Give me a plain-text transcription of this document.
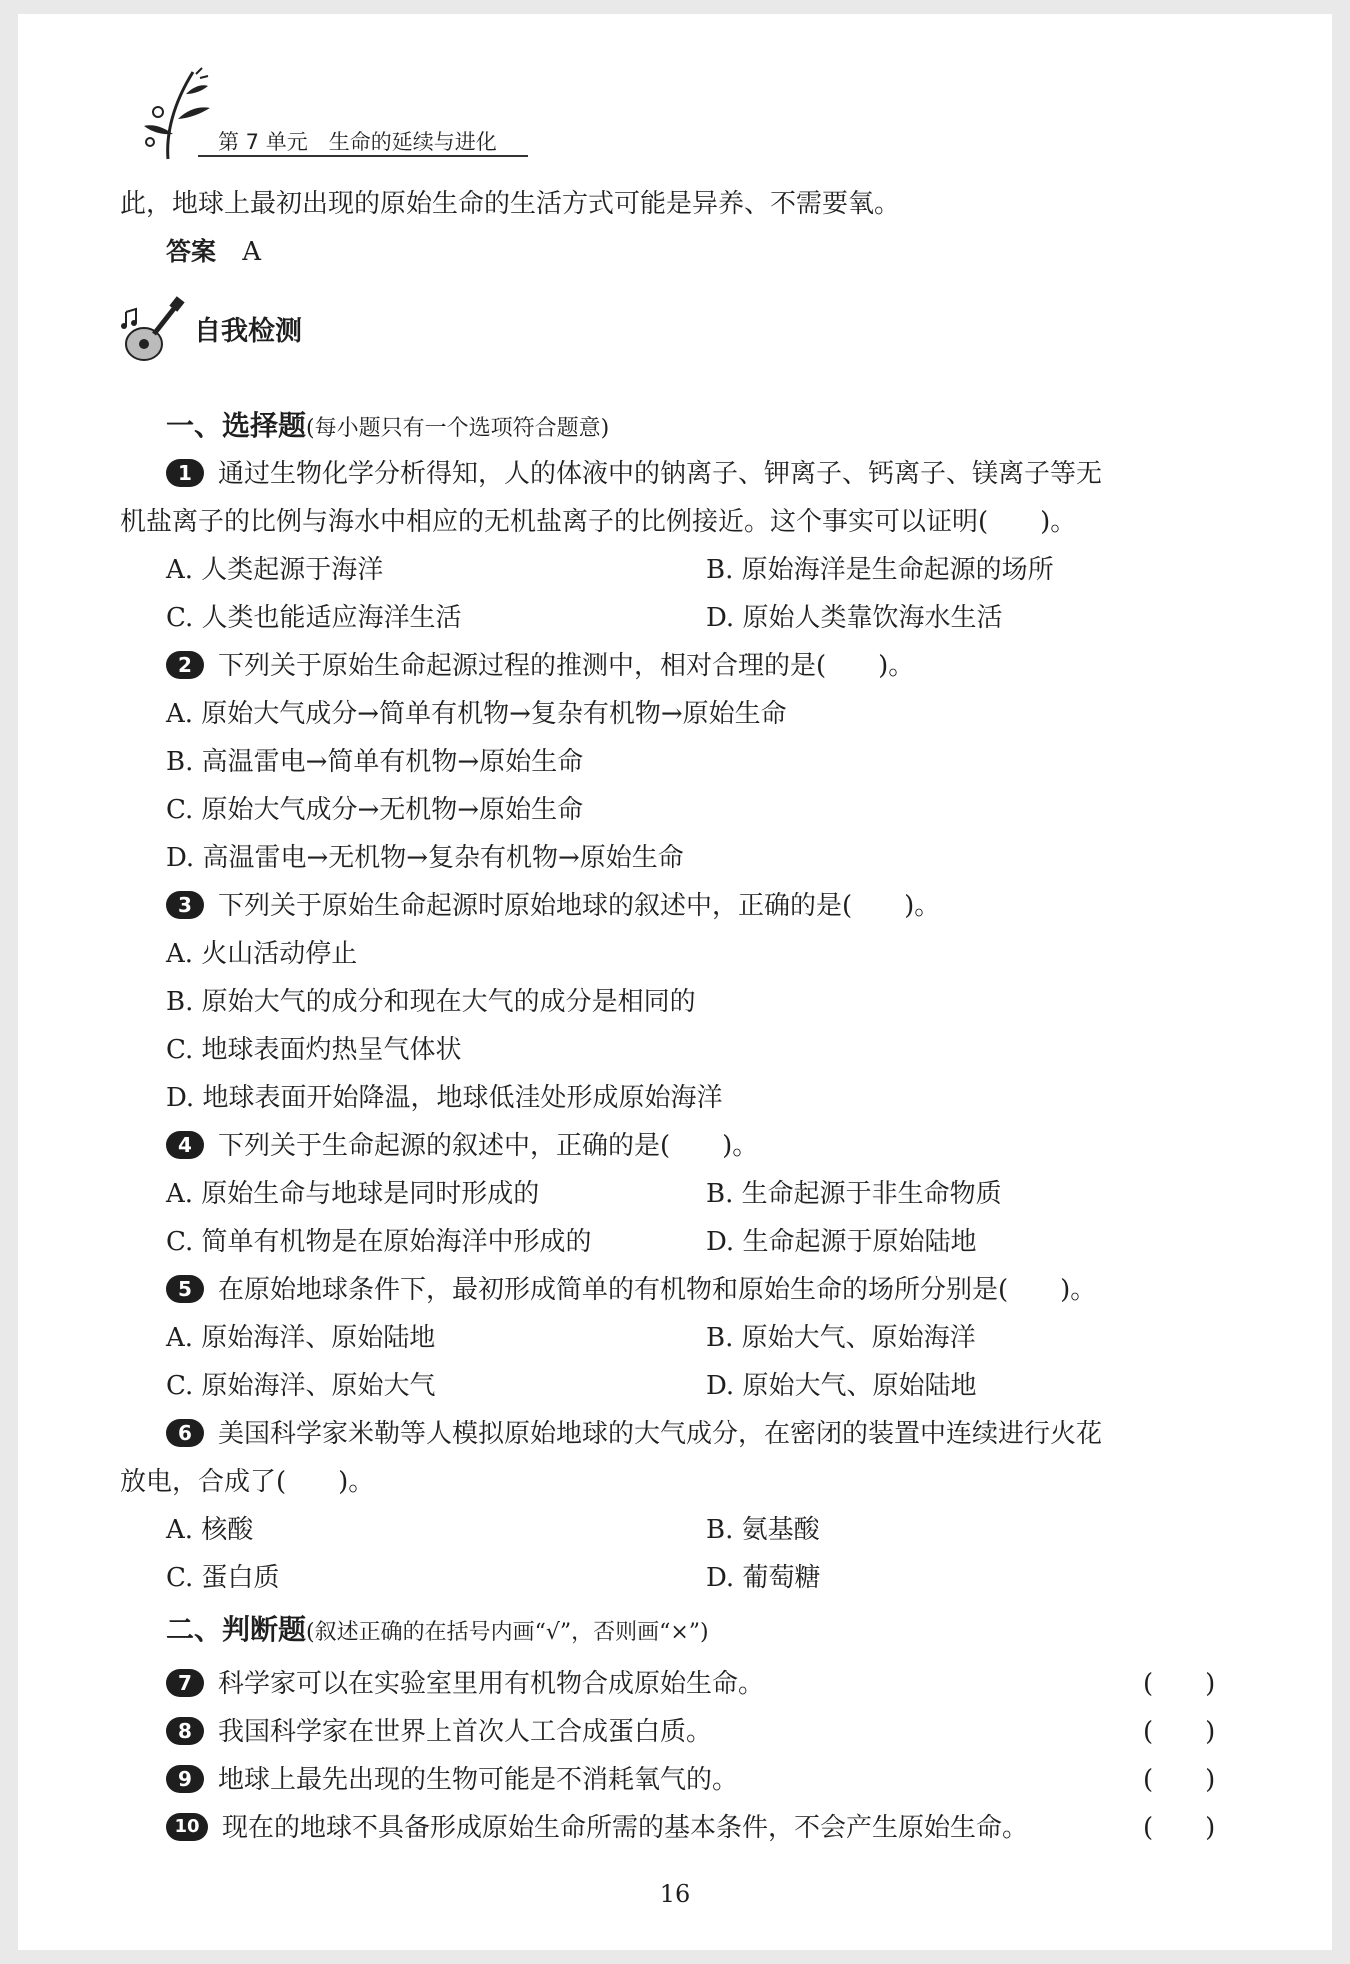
第 7 单元　 生命的延续与进化
此，地球上最初出现的原始生命的生活方式可能是异养、不需要氧。
答案 A
自我检测
一、选择题(每小题只有一个选项符合题意)
1 通过生物化学分析得知，人的体液中的钠离子、钾离子、钙离子、镁离子等无
机盐离子的比例与海水中相应的无机盐离子的比例接近。这个事实可以证明(　　)。
A. 人类起源于海洋	B. 原始海洋是生命起源的场所
C. 人类也能适应海洋生活	D. 原始人类靠饮海水生活
2 下列关于原始生命起源过程的推测中，相对合理的是(　　)。
A. 原始大气成分→简单有机物→复杂有机物→原始生命
B. 高温雷电→简单有机物→原始生命
C. 原始大气成分→无机物→原始生命
D. 高温雷电→无机物→复杂有机物→原始生命
3 下列关于原始生命起源时原始地球的叙述中，正确的是(　　)。
A. 火山活动停止
B. 原始大气的成分和现在大气的成分是相同的
C. 地球表面灼热呈气体状
D. 地球表面开始降温，地球低洼处形成原始海洋
4 下列关于生命起源的叙述中，正确的是(　　)。
A. 原始生命与地球是同时形成的	B. 生命起源于非生命物质
C. 简单有机物是在原始海洋中形成的	D. 生命起源于原始陆地
5 在原始地球条件下，最初形成简单的有机物和原始生命的场所分别是(　　)。
A. 原始海洋、原始陆地	B. 原始大气、原始海洋
C. 原始海洋、原始大气	D. 原始大气、原始陆地
6 美国科学家米勒等人模拟原始地球的大气成分，在密闭的装置中连续进行火花
放电，合成了(　　)。
A. 核酸	B. 氨基酸
C. 蛋白质	D. 葡萄糖
二、判断题(叙述正确的在括号内画“√”，否则画“×”)
7 科学家可以在实验室里用有机物合成原始生命。	(　　)
8 我国科学家在世界上首次人工合成蛋白质。	(　　)
9 地球上最先出现的生物可能是不消耗氧气的。	(　　)
10 现在的地球不具备形成原始生命所需的基本条件，不会产生原始生命。	(　　)
16
